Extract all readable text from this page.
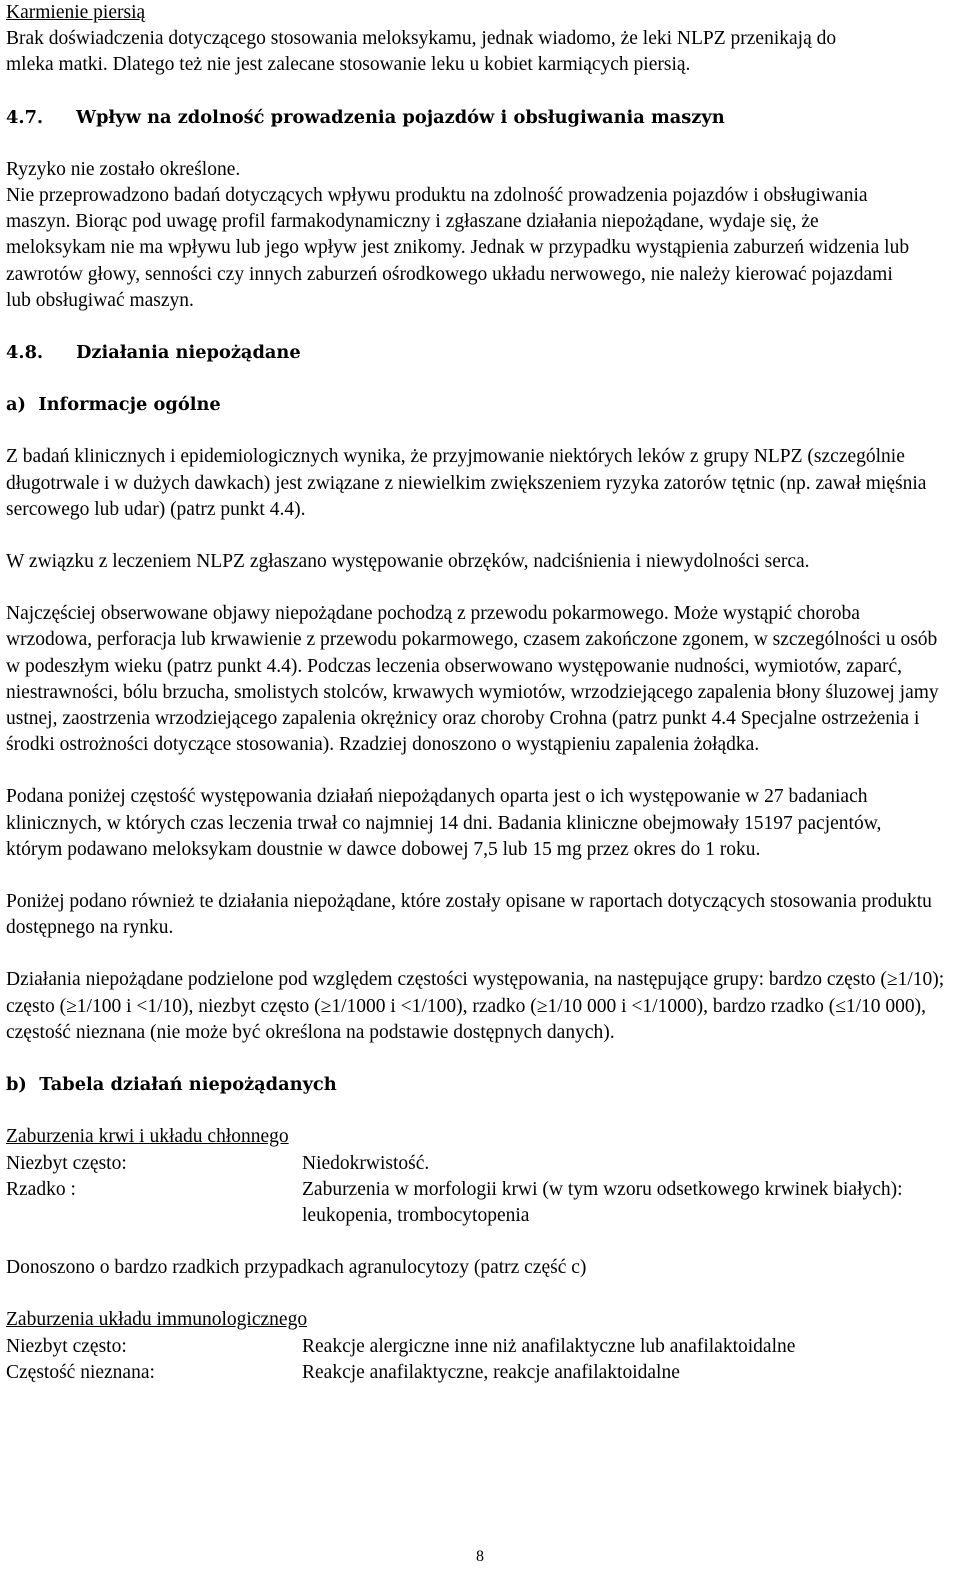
Karmienie piersią

Brak doświadczenia dotyczącego stosowania meloksykamu, jednak wiadomo, że leki NLPZ przenikają do mleka matki. Dlatego też nie jest zalecane stosowanie leku u kobiet karmiących piersią.

4.7. Wpływ na zdolność prowadzenia pojazdów i obsługiwania maszyn

Ryzyko nie zostało określone.

Nie przeprowadzono badań dotyczących wpływu produktu na zdolność prowadzenia pojazdów i obsługiwania maszyn. Biorąc pod uwagę profil farmakodynamiczny i zgłaszane działania niepożądane, wydaje się, że meloksykam nie ma wpływu lub jego wpływ jest znikomy. Jednak w przypadku wystąpienia zaburzeń widzenia lub zawrotów głowy, senności czy innych zaburzeń ośrodkowego układu nerwowego, nie należy kierować pojazdami lub obsługiwać maszyn.

4.8. Działania niepożądane

a)  Informacje ogólne

Z badań klinicznych i epidemiologicznych wynika, że przyjmowanie niektórych leków z grupy NLPZ (szczególnie długotrwale i w dużych dawkach) jest związane z niewielkim zwiększeniem ryzyka zatorów tętnic (np. zawał mięśnia sercowego lub udar) (patrz punkt 4.4).

W związku z leczeniem NLPZ zgłaszano występowanie obrzęków, nadciśnienia i niewydolności serca.

Najczęściej obserwowane objawy niepożądane pochodzą z przewodu pokarmowego. Może wystąpić choroba wrzodowa, perforacja lub krwawienie z przewodu pokarmowego, czasem zakończone zgonem, w szczególności u osób w podeszłym wieku (patrz punkt 4.4). Podczas leczenia obserwowano występowanie nudności, wymiotów, zaparć, niestrawności, bólu brzucha, smolistych stolców, krwawych wymiotów, wrzodziejącego zapalenia błony śluzowej jamy ustnej, zaostrzenia wrzodziejącego zapalenia okrężnicy oraz choroby Crohna (patrz punkt 4.4 Specjalne ostrzeżenia i środki ostrożności dotyczące stosowania). Rzadziej donoszono o wystąpieniu zapalenia żołądka.

Podana poniżej częstość występowania działań niepożądanych oparta jest o ich występowanie w 27 badaniach klinicznych, w których czas leczenia trwał co najmniej 14 dni. Badania kliniczne obejmowały 15197 pacjentów, którym podawano meloksykam doustnie w dawce dobowej 7,5 lub 15 mg przez okres do 1 roku.

Poniżej podano również te działania niepożądane, które zostały opisane w raportach dotyczących stosowania produktu dostępnego na rynku.

Działania niepożądane podzielone pod względem częstości występowania, na następujące grupy: bardzo często (≥1/10); często (≥1/100 i <1/10), niezbyt często (≥1/1000 i <1/100), rzadko (≥1/10 000 i <1/1000), bardzo rzadko (≤1/10 000), częstość nieznana (nie może być określona na podstawie dostępnych danych).

b)  Tabela działań niepożądanych

Zaburzenia krwi i układu chłonnego

Niezbyt często:	Niedokrwistość.
Rzadko :	Zaburzenia w morfologii krwi (w tym wzoru odsetkowego krwinek białych): leukopenia, trombocytopenia

Donoszono o bardzo rzadkich przypadkach agranulocytozy (patrz część c)

Zaburzenia układu immunologicznego

Niezbyt często:	Reakcje alergiczne inne niż anafilaktyczne lub anafilaktoidalne
Częstość nieznana:	Reakcje anafilaktyczne, reakcje anafilaktoidalne
8
